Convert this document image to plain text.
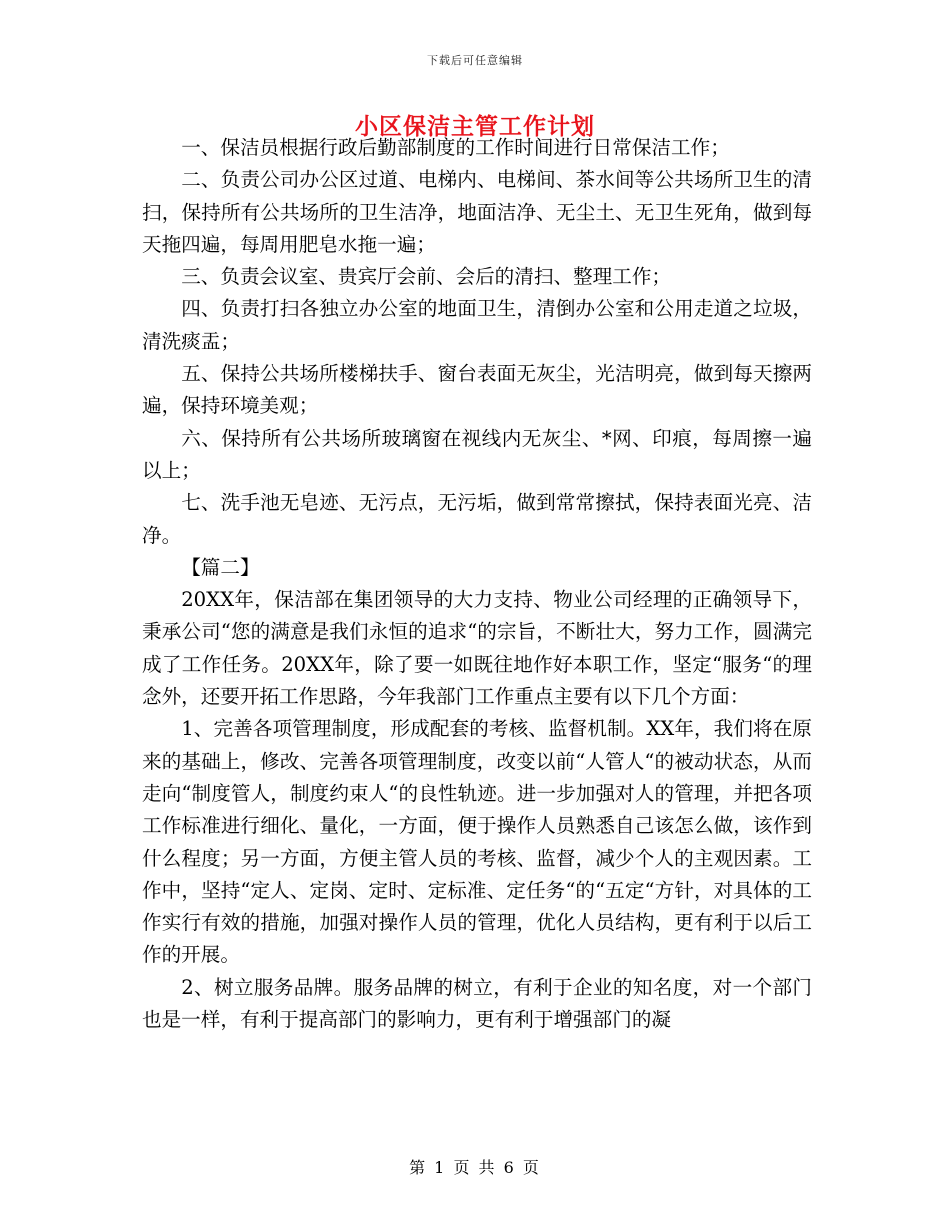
下载后可任意编辑
小区保洁主管工作计划

一、保洁员根据行政后勤部制度的工作时间进行日常保洁工作；

二、负责公司办公区过道、电梯内、电梯间、茶水间等公共场所卫生的清扫，保持所有公共场所的卫生洁净，地面洁净、无尘土、无卫生死角，做到每天拖四遍，每周用肥皂水拖一遍；

三、负责会议室、贵宾厅会前、会后的清扫、整理工作；

四、负责打扫各独立办公室的地面卫生，清倒办公室和公用走道之垃圾，清洗痰盂；

五、保持公共场所楼梯扶手、窗台表面无灰尘，光洁明亮，做到每天擦两遍，保持环境美观；

六、保持所有公共场所玻璃窗在视线内无灰尘、*网、印痕，每周擦一遍以上；

七、洗手池无皂迹、无污点，无污垢，做到常常擦拭，保持表面光亮、洁净。

【篇二】

20XX年，保洁部在集团领导的大力支持、物业公司经理的正确领导下，秉承公司“您的满意是我们永恒的追求“的宗旨，不断壮大，努力工作，圆满完成了工作任务。20XX年，除了要一如既往地作好本职工作，坚定“服务“的理念外，还要开拓工作思路，今年我部门工作重点主要有以下几个方面：

1、完善各项管理制度，形成配套的考核、监督机制。XX年，我们将在原来的基础上，修改、完善各项管理制度，改变以前“人管人“的被动状态，从而走向“制度管人，制度约束人“的良性轨迹。进一步加强对人的管理，并把各项工作标准进行细化、量化，一方面，便于操作人员熟悉自己该怎么做，该作到什么程度；另一方面，方便主管人员的考核、监督，减少个人的主观因素。工作中，坚持“定人、定岗、定时、定标准、定任务“的“五定“方针，对具体的工作实行有效的措施，加强对操作人员的管理，优化人员结构，更有利于以后工作的开展。

2、树立服务品牌。服务品牌的树立，有利于企业的知名度，对一个部门也是一样，有利于提高部门的影响力，更有利于增强部门的凝

第 1 页 共 6 页
